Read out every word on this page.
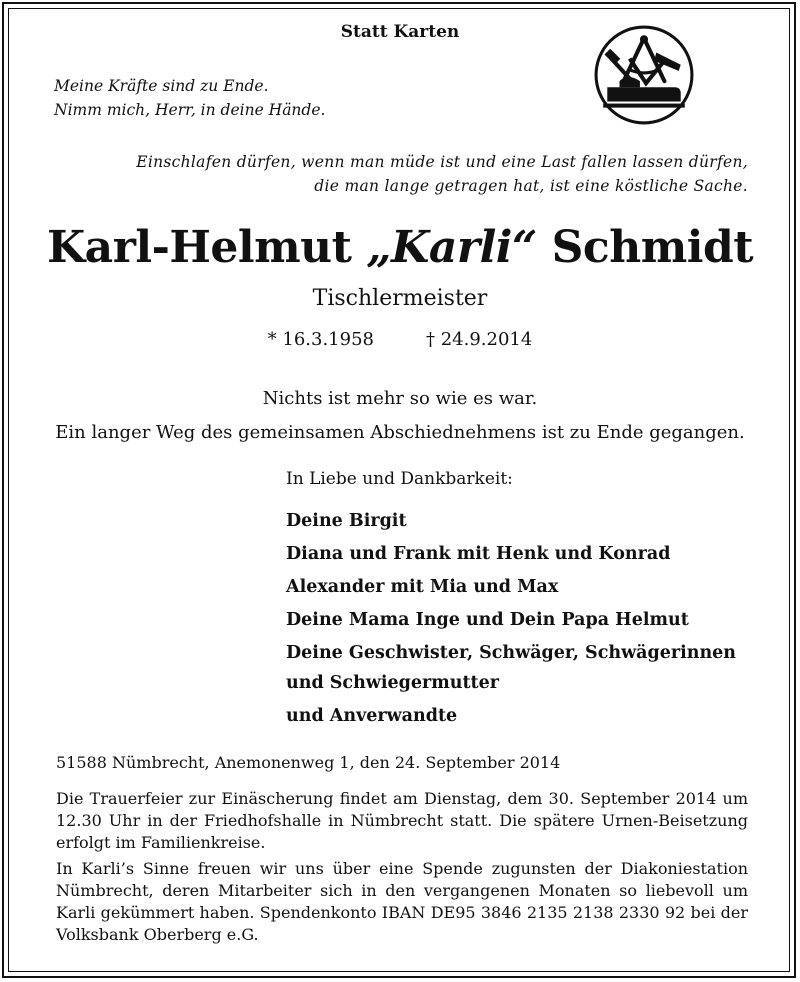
Statt Karten
Meine Kräfte sind zu Ende.
Nimm mich, Herr, in deine Hände.
Einschlafen dürfen, wenn man müde ist und eine Last fallen lassen dürfen,
die man lange getragen hat, ist eine köstliche Sache.
Karl-Helmut „Karli“ Schmidt
Tischlermeister
* 16.3.1958	† 24.9.2014
Nichts ist mehr so wie es war.
Ein langer Weg des gemeinsamen Abschiednehmens ist zu Ende gegangen.
In Liebe und Dankbarkeit:
Deine Birgit
Diana und Frank mit Henk und Konrad
Alexander mit Mia und Max
Deine Mama Inge und Dein Papa Helmut
Deine Geschwister, Schwäger, Schwägerinnen
und Schwiegermutter
und Anverwandte
51588 Nümbrecht, Anemonenweg 1, den 24. September 2014
Die Trauerfeier zur Einäscherung findet am Dienstag, dem 30. September 2014 um 12.30 Uhr in der Friedhofshalle in Nümbrecht statt. Die spätere Urnen-Beisetzung erfolgt im Familienkreise.
In Karli’s Sinne freuen wir uns über eine Spende zugunsten der Diakoniestation Nümbrecht, deren Mitarbeiter sich in den vergangenen Monaten so liebevoll um Karli gekümmert haben. Spendenkonto IBAN DE95 3846 2135 2138 2330 92 bei der Volksbank Oberberg e.G.
